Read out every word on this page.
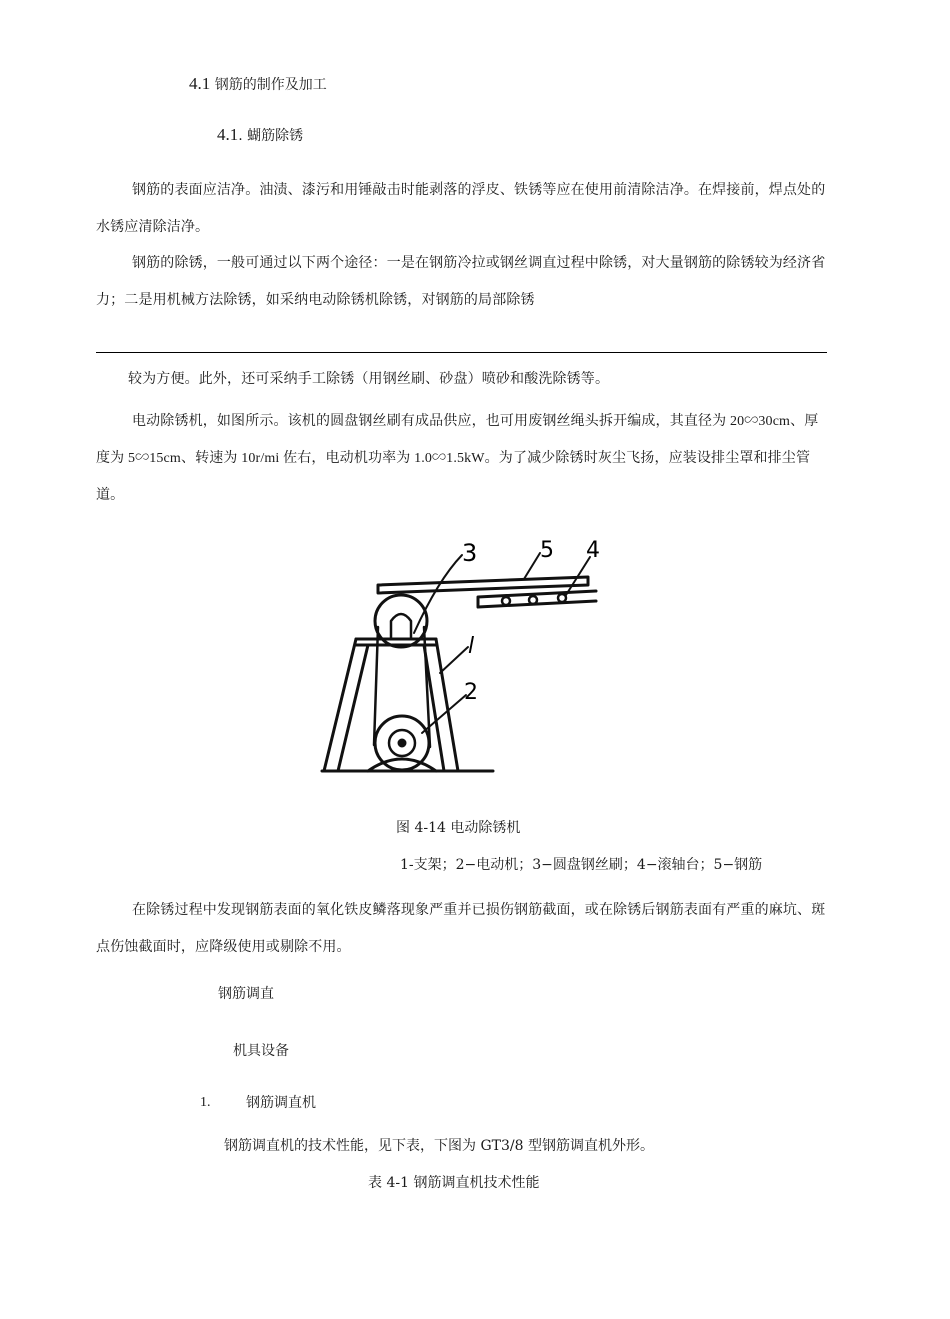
4.1 钢筋的制作及加工
4.1. 蝴筋除锈
钢筋的表面应洁净。油渍、漆污和用锤敲击时能剥落的浮皮、铁锈等应在使用前清除洁净。在焊接前，焊点处的水锈应清除洁净。
钢筋的除锈，一般可通过以下两个途径：一是在钢筋冷拉或钢丝调直过程中除锈，对大量钢筋的除锈较为经济省力；二是用机械方法除锈，如采纳电动除锈机除锈，对钢筋的局部除锈
较为方便。此外，还可采纳手工除锈（用钢丝刷、砂盘）喷砂和酸洗除锈等。
电动除锈机，如图所示。该机的圆盘钢丝刷有成品供应，也可用废钢丝绳头拆开编成，其直径为 20∽30cm、厚度为 5∽15cm、转速为 10r/mi 佐右，电动机功率为 1.0∽1.5kW。为了减少除锈时灰尘飞扬，应装设排尘罩和排尘管道。
3	5 4
l
2
图 4-14 电动除锈机
1-支架；2−电动机；3−圆盘钢丝刷；4−滚轴台；5−钢筋
在除锈过程中发现钢筋表面的氧化铁皮鳞落现象严重并已损伤钢筋截面，或在除锈后钢筋表面有严重的麻坑、斑点伤蚀截面时，应降级使用或剔除不用。
钢筋调直
机具设备
1.	钢筋调直机
钢筋调直机的技术性能，见下表，下图为 GT3/8 型钢筋调直机外形。
表 4-1 钢筋调直机技术性能
